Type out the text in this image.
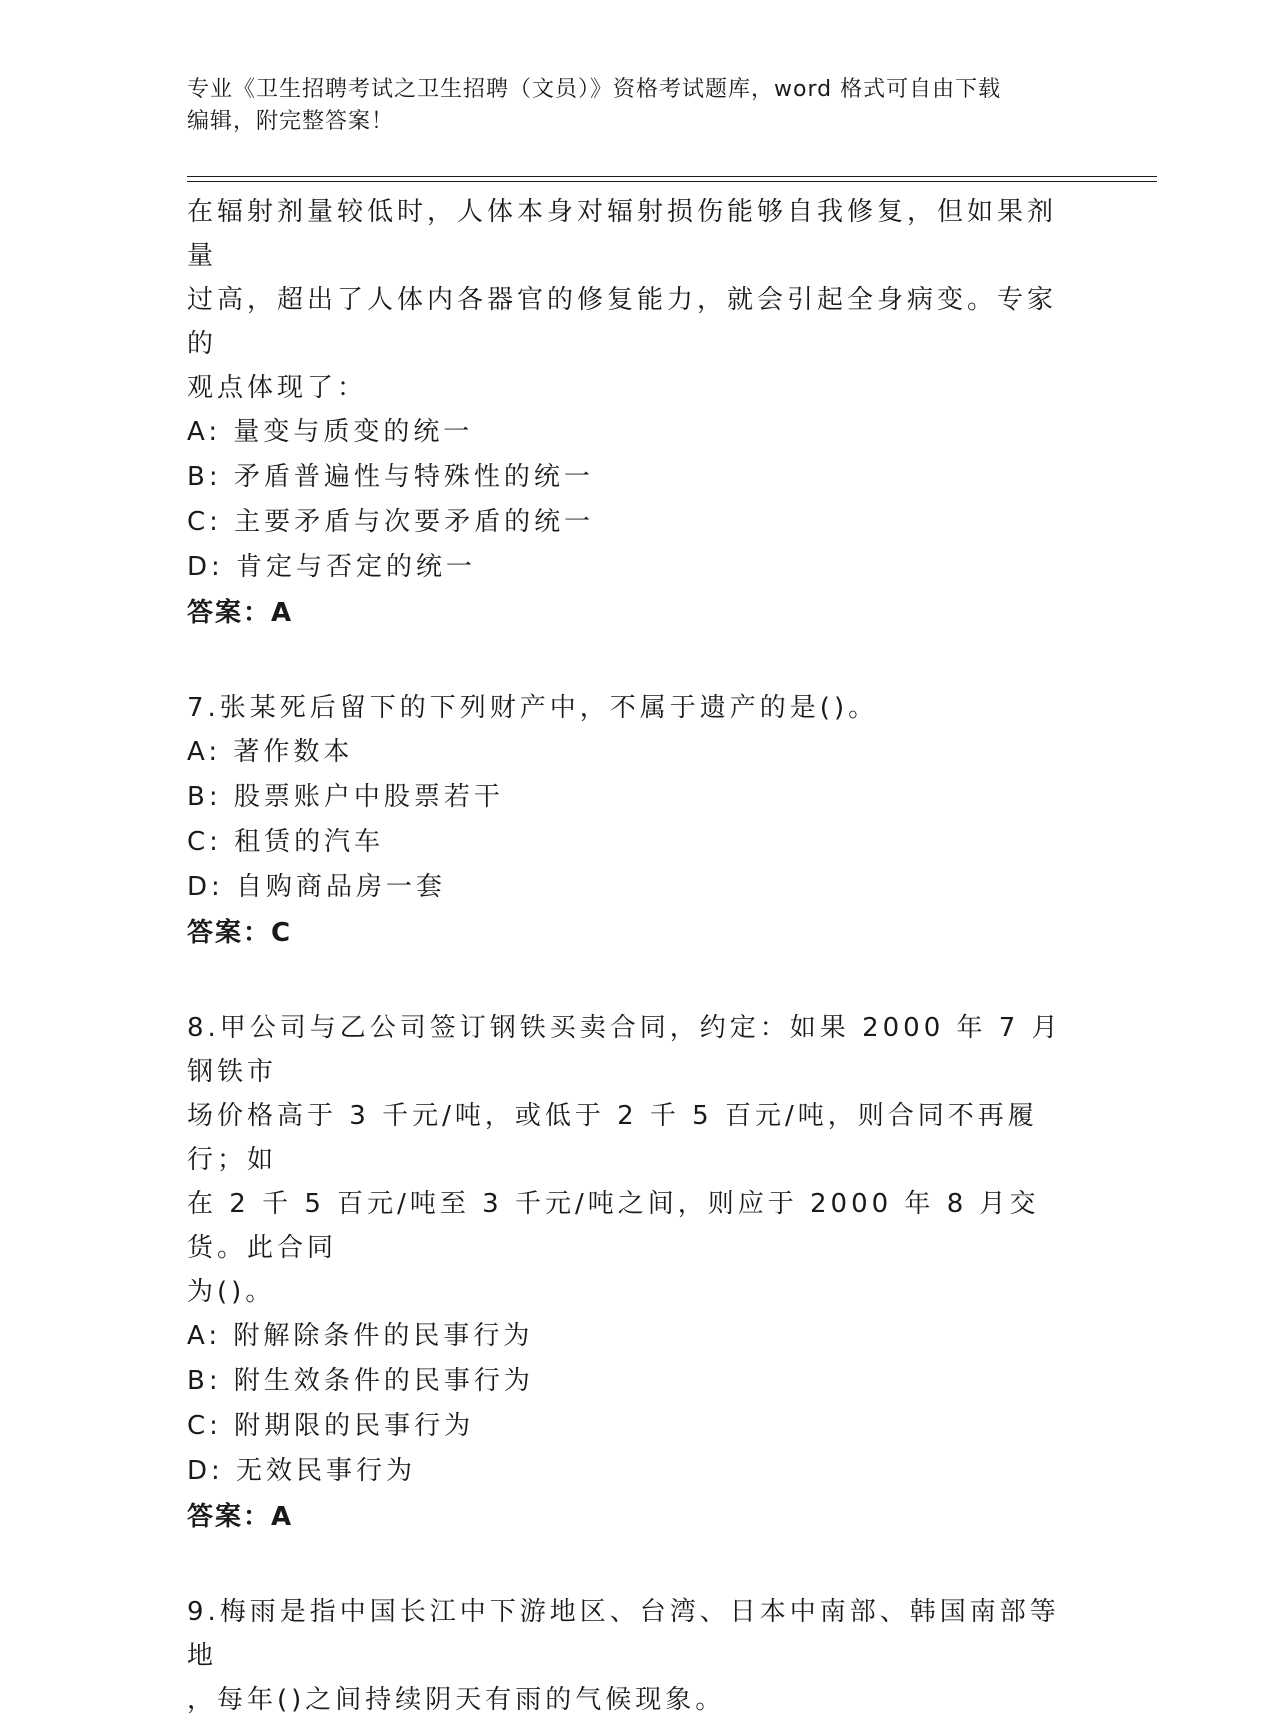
专业《卫生招聘考试之卫生招聘（文员）》资格考试题库，word 格式可自由下载
编辑，附完整答案！

在辐射剂量较低时，人体本身对辐射损伤能够自我修复，但如果剂量

过高，超出了人体内各器官的修复能力，就会引起全身病变。专家的

观点体现了：

A: 量变与质变的统一

B: 矛盾普遍性与特殊性的统一

C: 主要矛盾与次要矛盾的统一

D: 肯定与否定的统一

答案：A

7.张某死后留下的下列财产中，不属于遗产的是()。

A: 著作数本

B: 股票账户中股票若干

C: 租赁的汽车

D: 自购商品房一套

答案：C

8.甲公司与乙公司签订钢铁买卖合同，约定：如果 2000 年 7 月钢铁市

场价格高于 3 千元/吨，或低于 2 千 5 百元/吨，则合同不再履行；如

在 2 千 5 百元/吨至 3 千元/吨之间，则应于 2000 年 8 月交货。此合同

为()。

A: 附解除条件的民事行为

B: 附生效条件的民事行为

C: 附期限的民事行为

D: 无效民事行为

答案：A

9.梅雨是指中国长江中下游地区、台湾、日本中南部、韩国南部等地

，每年()之间持续阴天有雨的气候现象。
